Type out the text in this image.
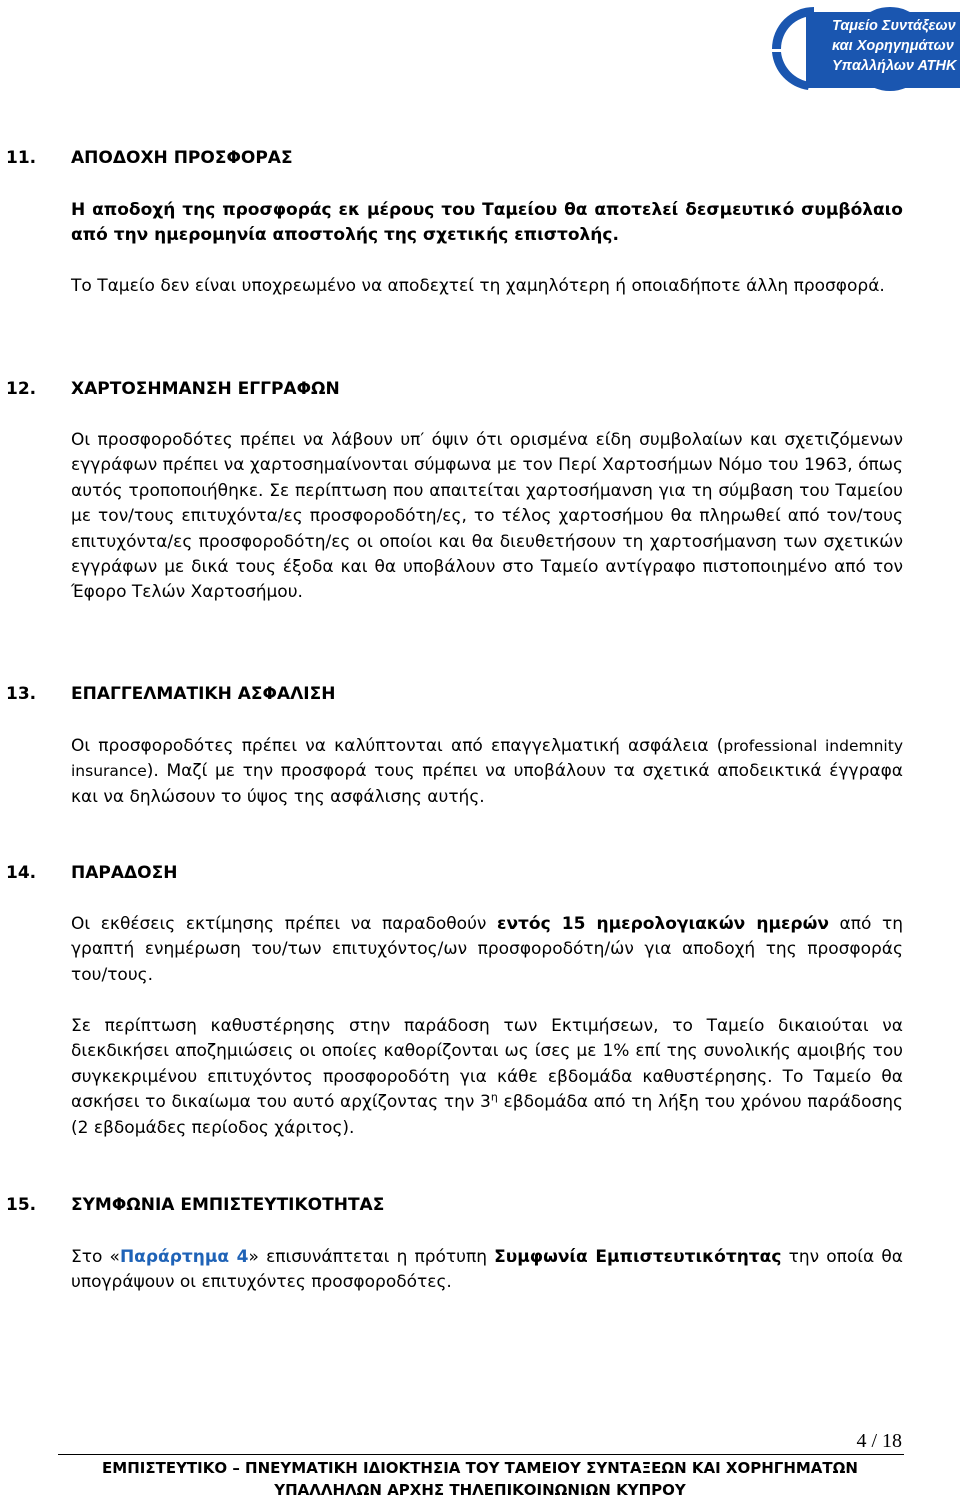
Ταμείο Συντάξεων
και Χορηγημάτων
Υπαλλήλων ΑΤΗΚ
11. ΑΠΟΔΟΧΗ ΠΡΟΣΦΟΡΑΣ
Η αποδοχή της προσφοράς εκ μέρους του Ταμείου θα αποτελεί δεσμευτικό συμβόλαιο από την ημερομηνία αποστολής της σχετικής επιστολής.
Το Ταμείο δεν είναι υποχρεωμένο να αποδεχτεί τη χαμηλότερη ή οποιαδήποτε άλλη προσφορά.
12. ΧΑΡΤΟΣΗΜΑΝΣΗ ΕΓΓΡΑΦΩΝ
Οι προσφοροδότες πρέπει να λάβουν υπ′ όψιν ότι ορισμένα είδη συμβολαίων και σχετιζόμενων εγγράφων πρέπει να χαρτοσημαίνονται σύμφωνα με τον Περί Χαρτοσήμων Νόμο του 1963, όπως αυτός τροποποιήθηκε. Σε περίπτωση που απαιτείται χαρτοσήμανση για τη σύμβαση του Ταμείου με τον/τους επιτυχόντα/ες προσφοροδότη/ες, το τέλος χαρτοσήμου θα πληρωθεί από τον/τους επιτυχόντα/ες προσφοροδότη/ες οι οποίοι και θα διευθετήσουν τη χαρτοσήμανση των σχετικών εγγράφων με δικά τους έξοδα και θα υποβάλουν στο Ταμείο αντίγραφο πιστοποιημένο από τον Έφορο Τελών Χαρτοσήμου.
13. ΕΠΑΓΓΕΛΜΑΤΙΚΗ ΑΣΦΑΛΙΣΗ
Οι προσφοροδότες πρέπει να καλύπτονται από επαγγελματική ασφάλεια (professional indemnity insurance). Μαζί με την προσφορά τους πρέπει να υποβάλουν τα σχετικά αποδεικτικά έγγραφα και να δηλώσουν το ύψος της ασφάλισης αυτής.
14. ΠΑΡΑΔΟΣΗ
Οι εκθέσεις εκτίμησης πρέπει να παραδοθούν εντός 15 ημερολογιακών ημερών από τη γραπτή ενημέρωση του/των επιτυχόντος/ων προσφοροδότη/ών για αποδοχή της προσφοράς του/τους.
Σε περίπτωση καθυστέρησης στην παράδοση των Εκτιμήσεων, το Ταμείο δικαιούται να διεκδικήσει αποζημιώσεις οι οποίες καθορίζονται ως ίσες με 1% επί της συνολικής αμοιβής του συγκεκριμένου επιτυχόντος προσφοροδότη για κάθε εβδομάδα καθυστέρησης. Το Ταμείο θα ασκήσει το δικαίωμα του αυτό αρχίζοντας την $3^\eta$ εβδομάδα από τη λήξη του χρόνου παράδοσης (2 εβδομάδες περίοδος χάριτος).
15. ΣΥΜΦΩΝΙΑ ΕΜΠΙΣΤΕΥΤΙΚΟΤΗΤΑΣ
Στο «Παράρτημα 4» επισυνάπτεται η πρότυπη Συμφωνία Εμπιστευτικότητας την οποία θα υπογράψουν οι επιτυχόντες προσφοροδότες.
4 / 18
ΕΜΠΙΣΤΕΥΤΙΚΟ – ΠΝΕΥΜΑΤΙΚΗ ΙΔΙΟΚΤΗΣΙΑ ΤΟΥ ΤΑΜΕΙΟΥ ΣΥΝΤΑΞΕΩΝ ΚΑΙ ΧΟΡΗΓΗΜΑΤΩΝ
ΥΠΑΛΛΗΛΩΝ ΑΡΧΗΣ ΤΗΛΕΠΙΚΟΙΝΩΝΙΩΝ ΚΥΠΡΟΥ
